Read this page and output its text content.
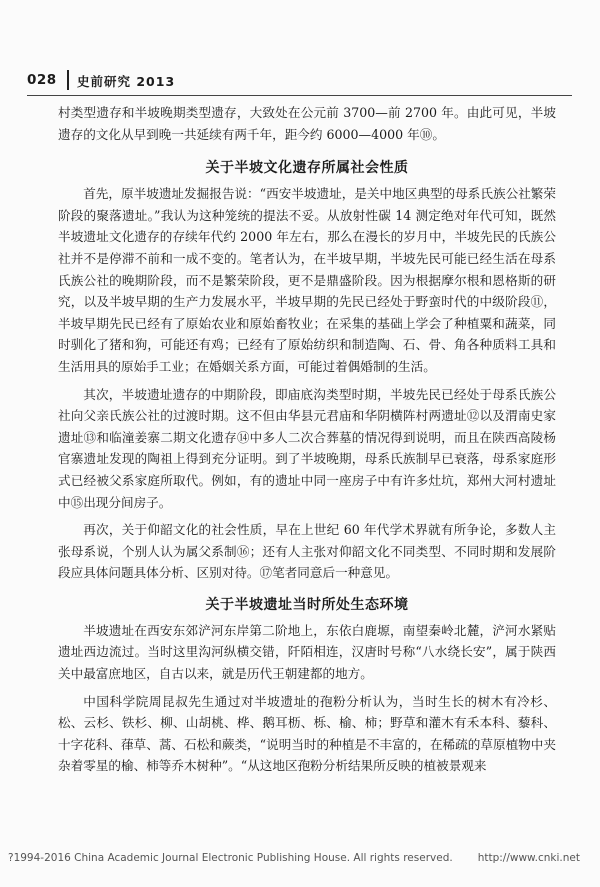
028 史前研究 2013

村类型遗存和半坡晚期类型遗存，大致处在公元前 3700—前 2700 年。由此可见，半坡遗存的文化从早到晚一共延续有两千年，距今约 6000—4000 年⑩。

关于半坡文化遗存所属社会性质

首先，原半坡遗址发掘报告说：“西安半坡遗址，是关中地区典型的母系氏族公社繁荣阶段的聚落遗址。”我认为这种笼统的提法不妥。从放射性碳 14 测定绝对年代可知，既然半坡遗址文化遗存的存续年代约 2000 年左右，那么在漫长的岁月中，半坡先民的氏族公社并不是停滞不前和一成不变的。笔者认为，在半坡早期，半坡先民可能已经生活在母系氏族公社的晚期阶段，而不是繁荣阶段，更不是鼎盛阶段。因为根据摩尔根和恩格斯的研究，以及半坡早期的生产力发展水平，半坡早期的先民已经处于野蛮时代的中级阶段⑪，半坡早期先民已经有了原始农业和原始畜牧业；在采集的基础上学会了种植粟和蔬菜，同时驯化了猪和狗，可能还有鸡；已经有了原始纺织和制造陶、石、骨、角各种质料工具和生活用具的原始手工业；在婚姻关系方面，可能过着偶婚制的生活。

其次，半坡遗址遗存的中期阶段，即庙底沟类型时期，半坡先民已经处于母系氏族公社向父亲氏族公社的过渡时期。这不但由华县元君庙和华阴横阵村两遗址⑫以及渭南史家遗址⑬和临潼姜寨二期文化遗存⑭中多人二次合葬墓的情况得到说明，而且在陕西高陵杨官寨遗址发现的陶祖上得到充分证明。到了半坡晚期，母系氏族制早已衰落，母系家庭形式已经被父系家庭所取代。例如，有的遗址中同一座房子中有许多灶坑，郑州大河村遗址中⑮出现分间房子。

再次，关于仰韶文化的社会性质，早在上世纪 60 年代学术界就有所争论，多数人主张母系说，个别人认为属父系制⑯；还有人主张对仰韶文化不同类型、不同时期和发展阶段应具体问题具体分析、区别对待。⑰笔者同意后一种意见。

关于半坡遗址当时所处生态环境

半坡遗址在西安东郊浐河东岸第二阶地上，东依白鹿塬，南望秦岭北麓，浐河水紧贴遗址西边流过。当时这里沟河纵横交错，阡陌相连，汉唐时号称“八水绕长安”，属于陕西关中最富庶地区，自古以来，就是历代王朝建都的地方。

中国科学院周昆叔先生通过对半坡遗址的孢粉分析认为，当时生长的树木有冷杉、松、云杉、铁杉、柳、山胡桃、桦、鹅耳枥、栎、榆、柿；野草和灌木有禾本科、藜科、十字花科、葎草、蒿、石松和蕨类，“说明当时的种植是不丰富的，在稀疏的草原植物中夹杂着零星的榆、柿等乔木树种”。“从这地区孢粉分析结果所反映的植被景观来

?1994-2016 China Academic Journal Electronic Publishing House. All rights reserved. http://www.cnki.net
